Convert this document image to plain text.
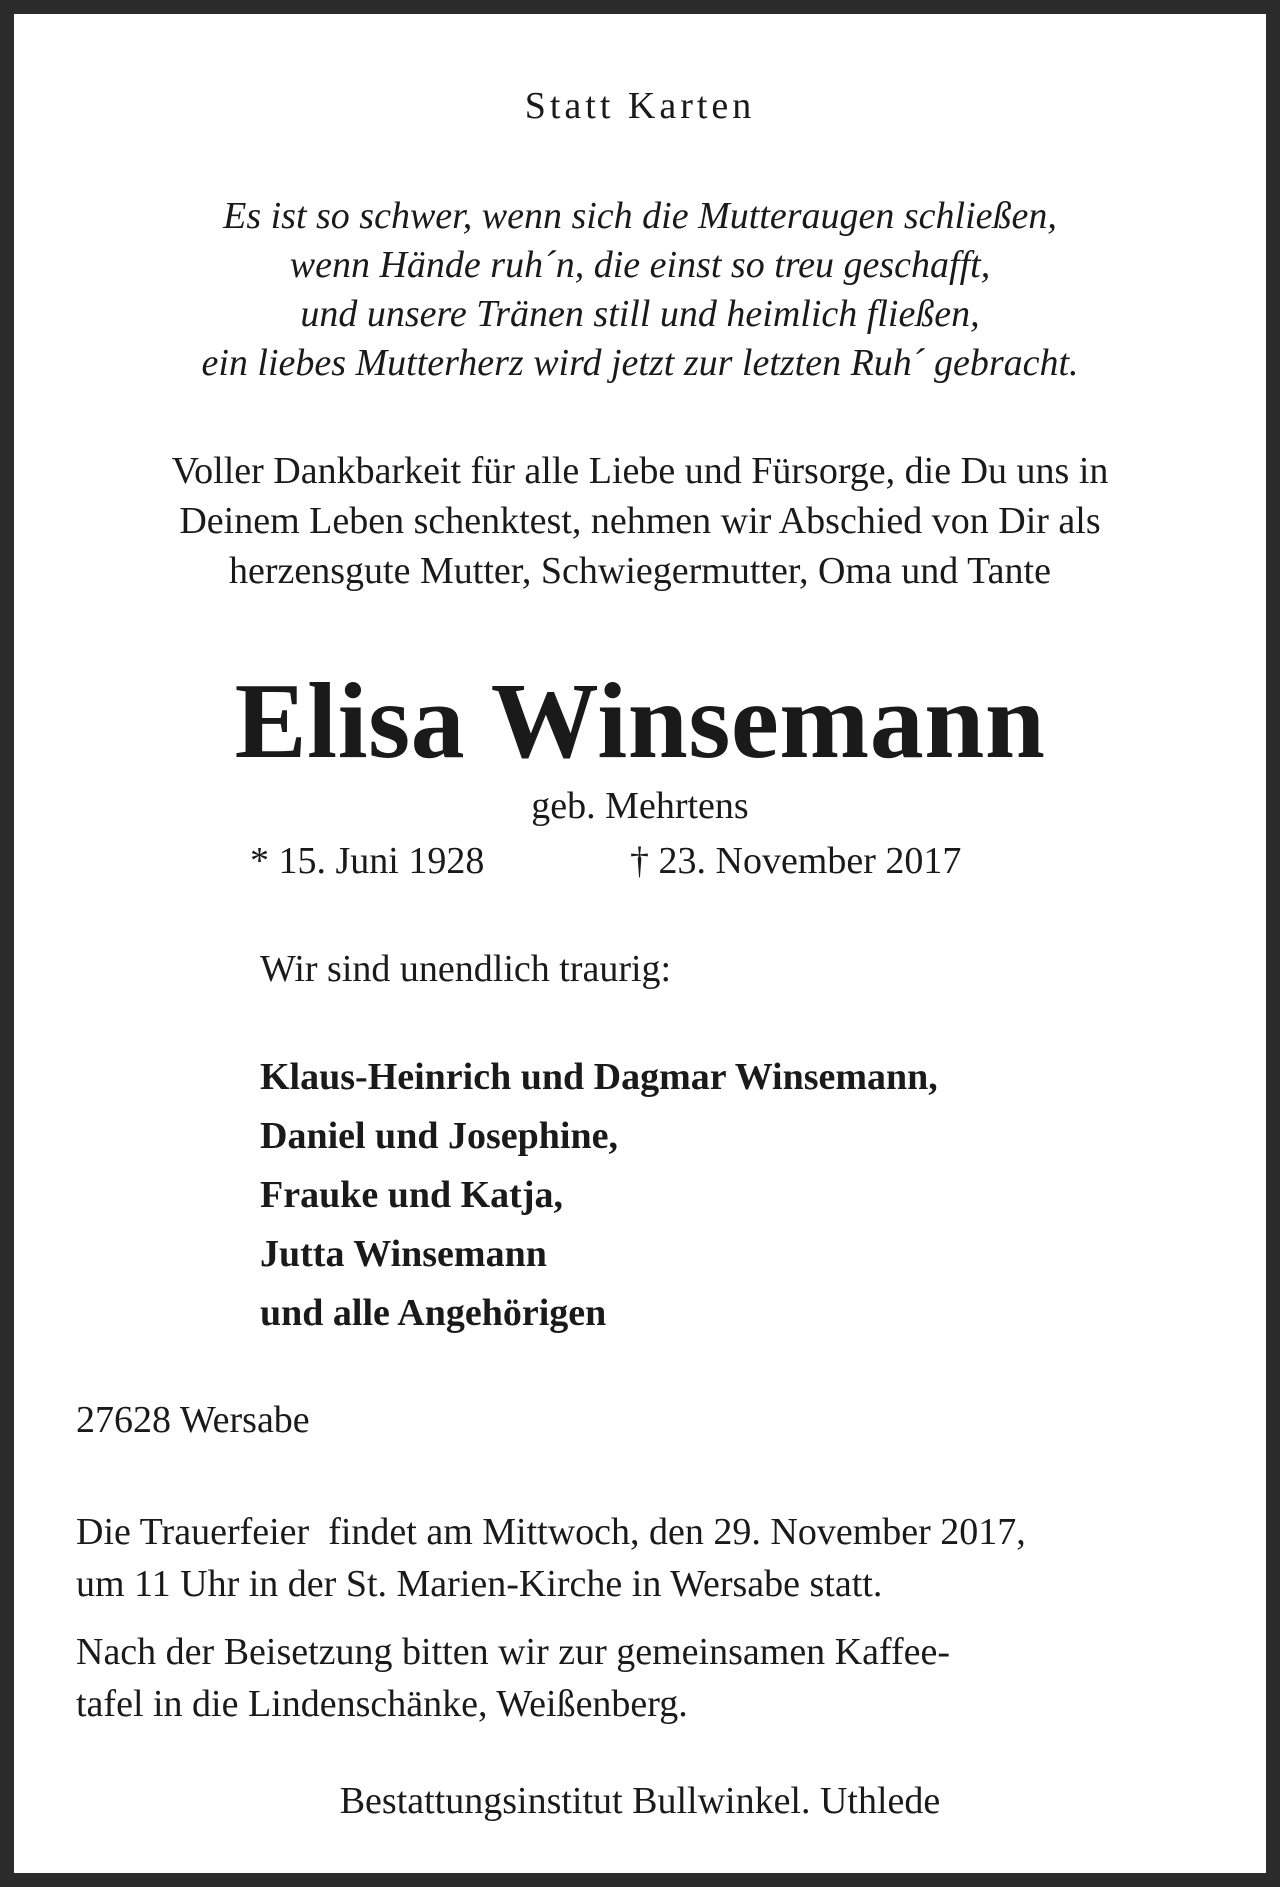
Statt Karten
Es ist so schwer, wenn sich die Mutteraugen schließen,
wenn Hände ruh´n, die einst so treu geschafft,
und unsere Tränen still und heimlich fließen,
ein liebes Mutterherz wird jetzt zur letzten Ruh´ gebracht.
Voller Dankbarkeit für alle Liebe und Fürsorge, die Du uns in
Deinem Leben schenktest, nehmen wir Abschied von Dir als
herzensgute Mutter, Schwiegermutter, Oma und Tante
Elisa Winsemann
geb. Mehrtens
* 15. Juni 1928	† 23. November 2017
Wir sind unendlich traurig:
Klaus-Heinrich und Dagmar Winsemann,
Daniel und Josephine,
Frauke und Katja,
Jutta Winsemann
und alle Angehörigen
27628 Wersabe
Die Trauerfeier  findet am Mittwoch, den 29. November 2017,
um 11 Uhr in der St. Marien-Kirche in Wersabe statt.
Nach der Beisetzung bitten wir zur gemeinsamen Kaffee-
tafel in die Lindenschänke, Weißenberg.
Bestattungsinstitut Bullwinkel. Uthlede
